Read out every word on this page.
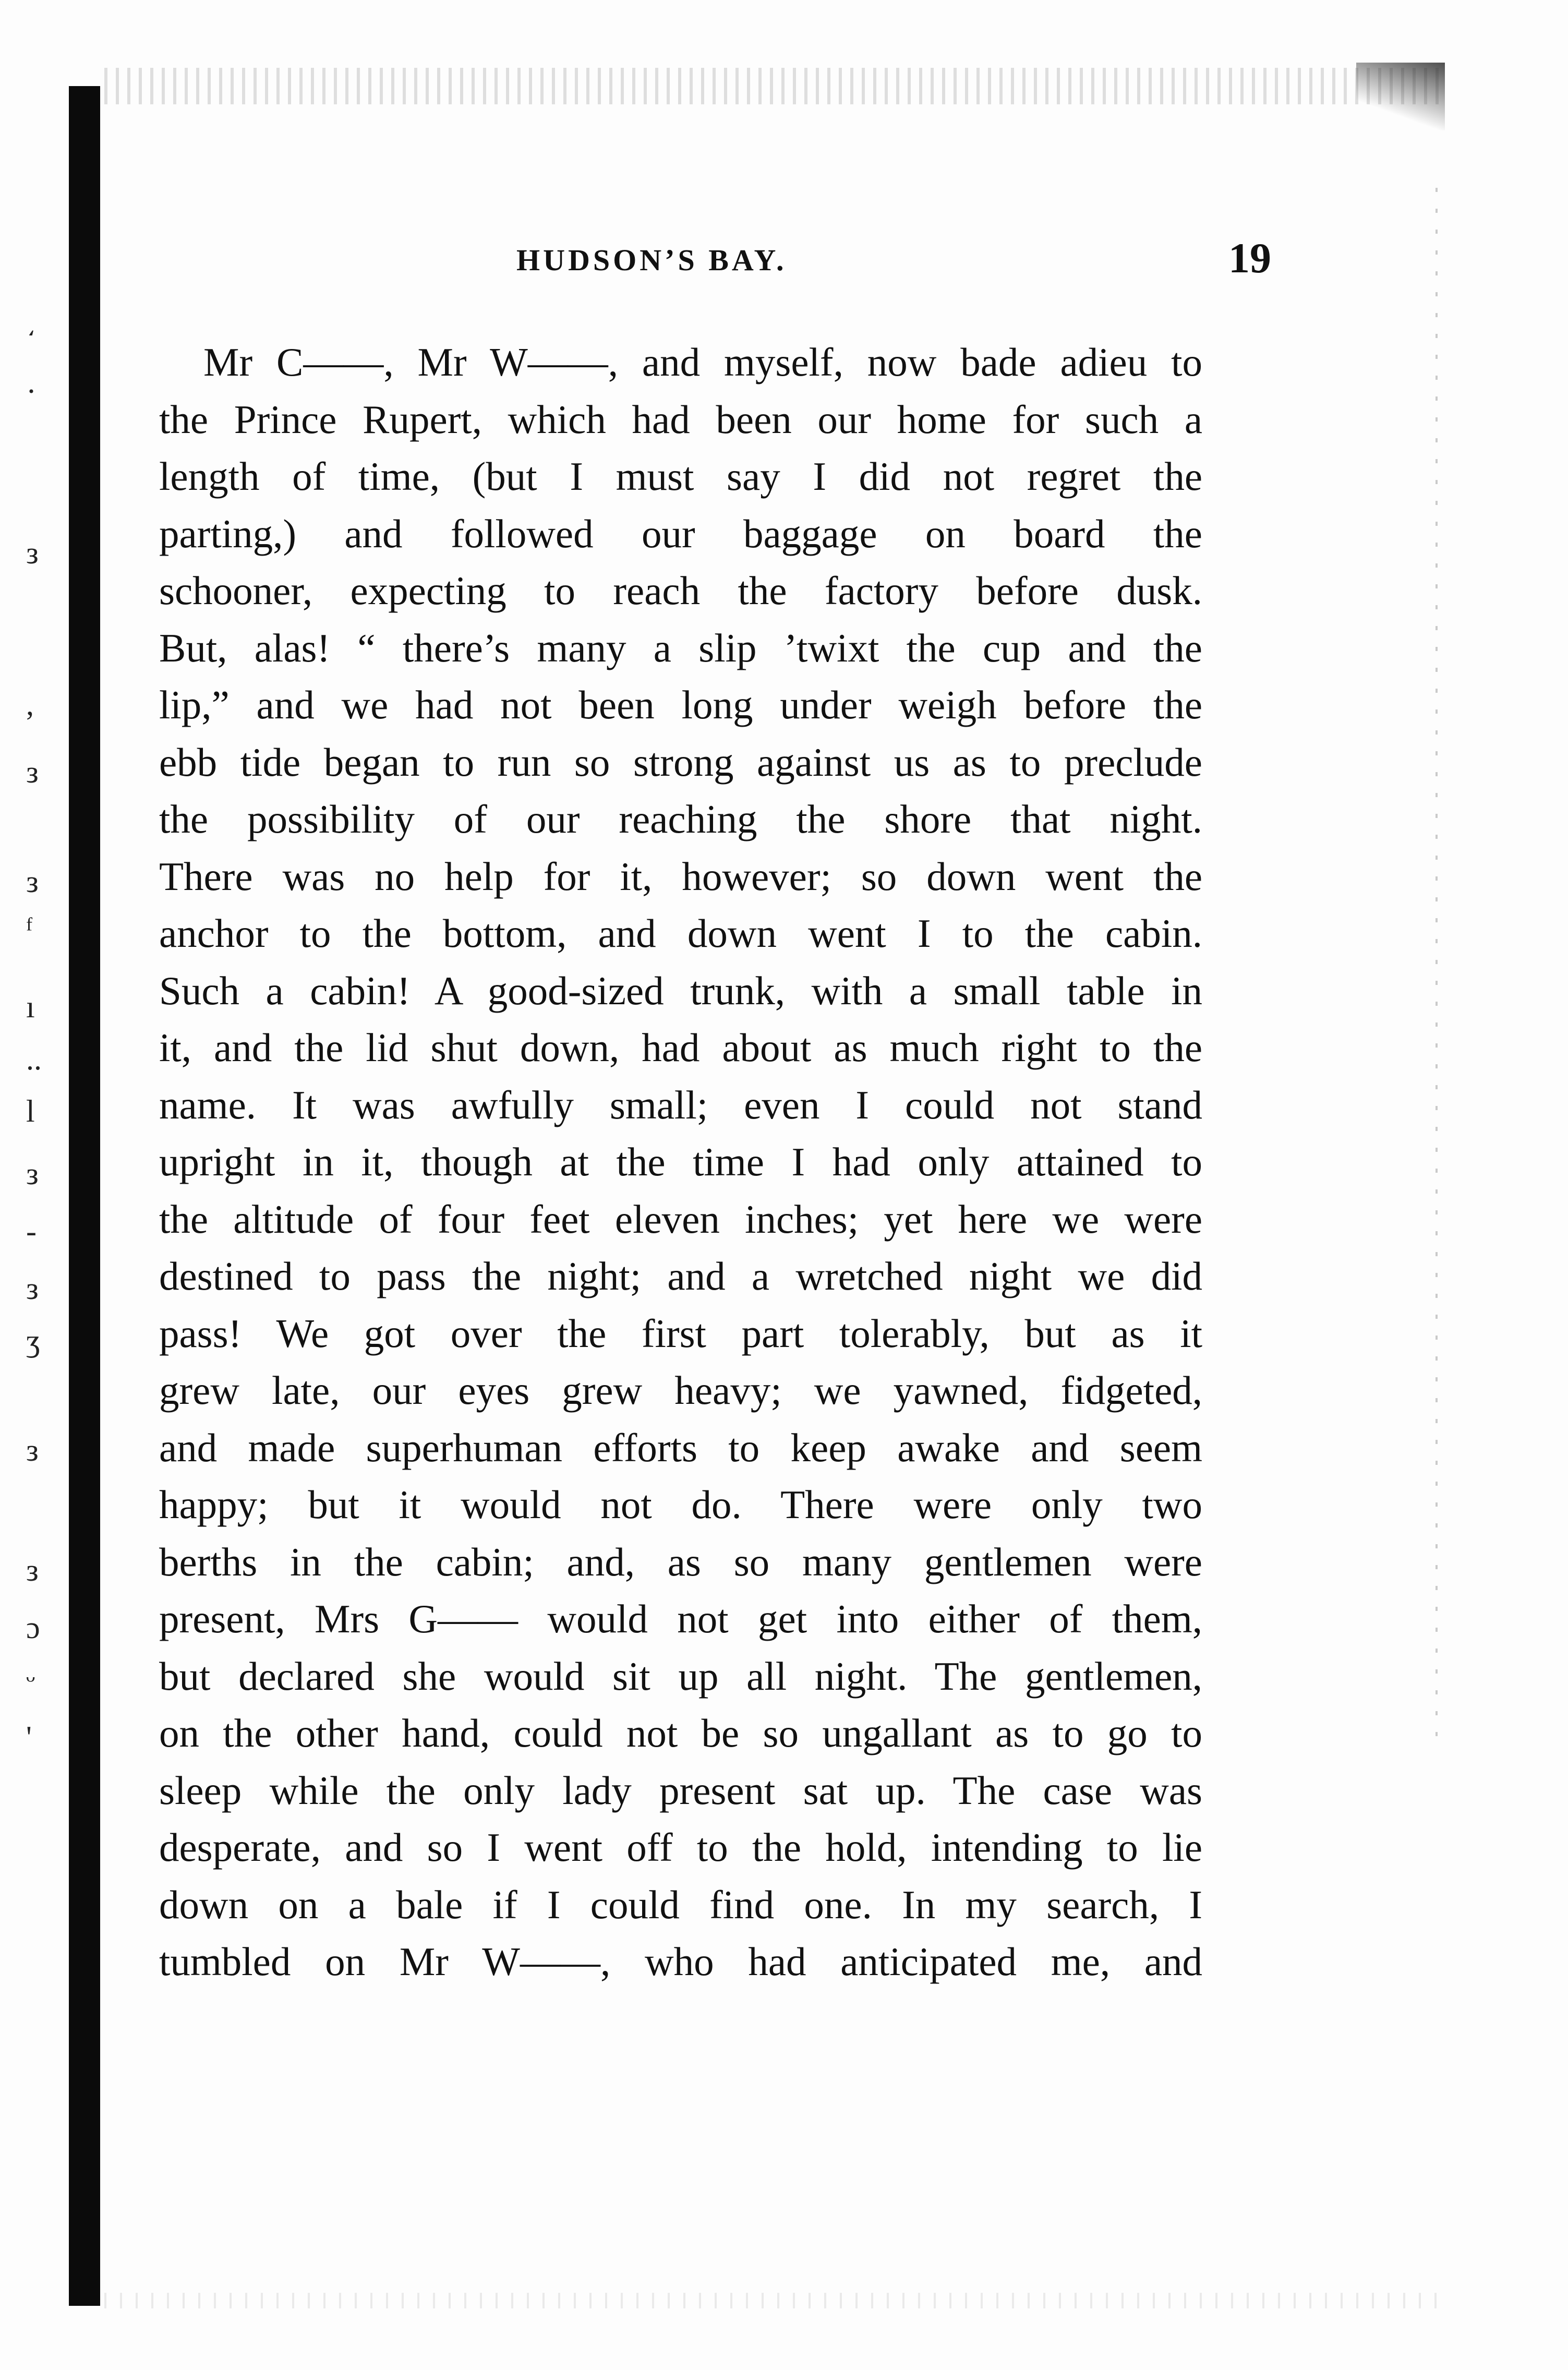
͵
·
з
,
з
з
ᶠ
ı
..
l
з
-
з
ʒ
з
з
ɔ
ᵕ
'
HUDSON’S BAY.	19
Mr C——, Mr W——, and myself, now bade adieu to
the Prince Rupert, which had been our home for such a
length of time, (but I must say I did not regret the
parting,) and followed our baggage on board the
schooner, expecting to reach the factory before dusk.
But, alas! “ there’s many a slip ’twixt the cup and the
lip,” and we had not been long under weigh before the
ebb tide began to run so strong against us as to preclude
the possibility of our reaching the shore that night.
There was no help for it, however; so down went the
anchor to the bottom, and down went I to the cabin.
Such a cabin! A good-sized trunk, with a small table in
it, and the lid shut down, had about as much right to the
name. It was awfully small; even I could not stand
upright in it, though at the time I had only attained to
the altitude of four feet eleven inches; yet here we were
destined to pass the night; and a wretched night we did
pass! We got over the first part tolerably, but as it
grew late, our eyes grew heavy; we yawned, fidgeted,
and made superhuman efforts to keep awake and seem
happy; but it would not do. There were only two
berths in the cabin; and, as so many gentlemen were
present, Mrs G—— would not get into either of them,
but declared she would sit up all night. The gentlemen,
on the other hand, could not be so ungallant as to go to
sleep while the only lady present sat up. The case was
desperate, and so I went off to the hold, intending to lie
down on a bale if I could find one. In my search, I
tumbled on Mr W——, who had anticipated me, and
